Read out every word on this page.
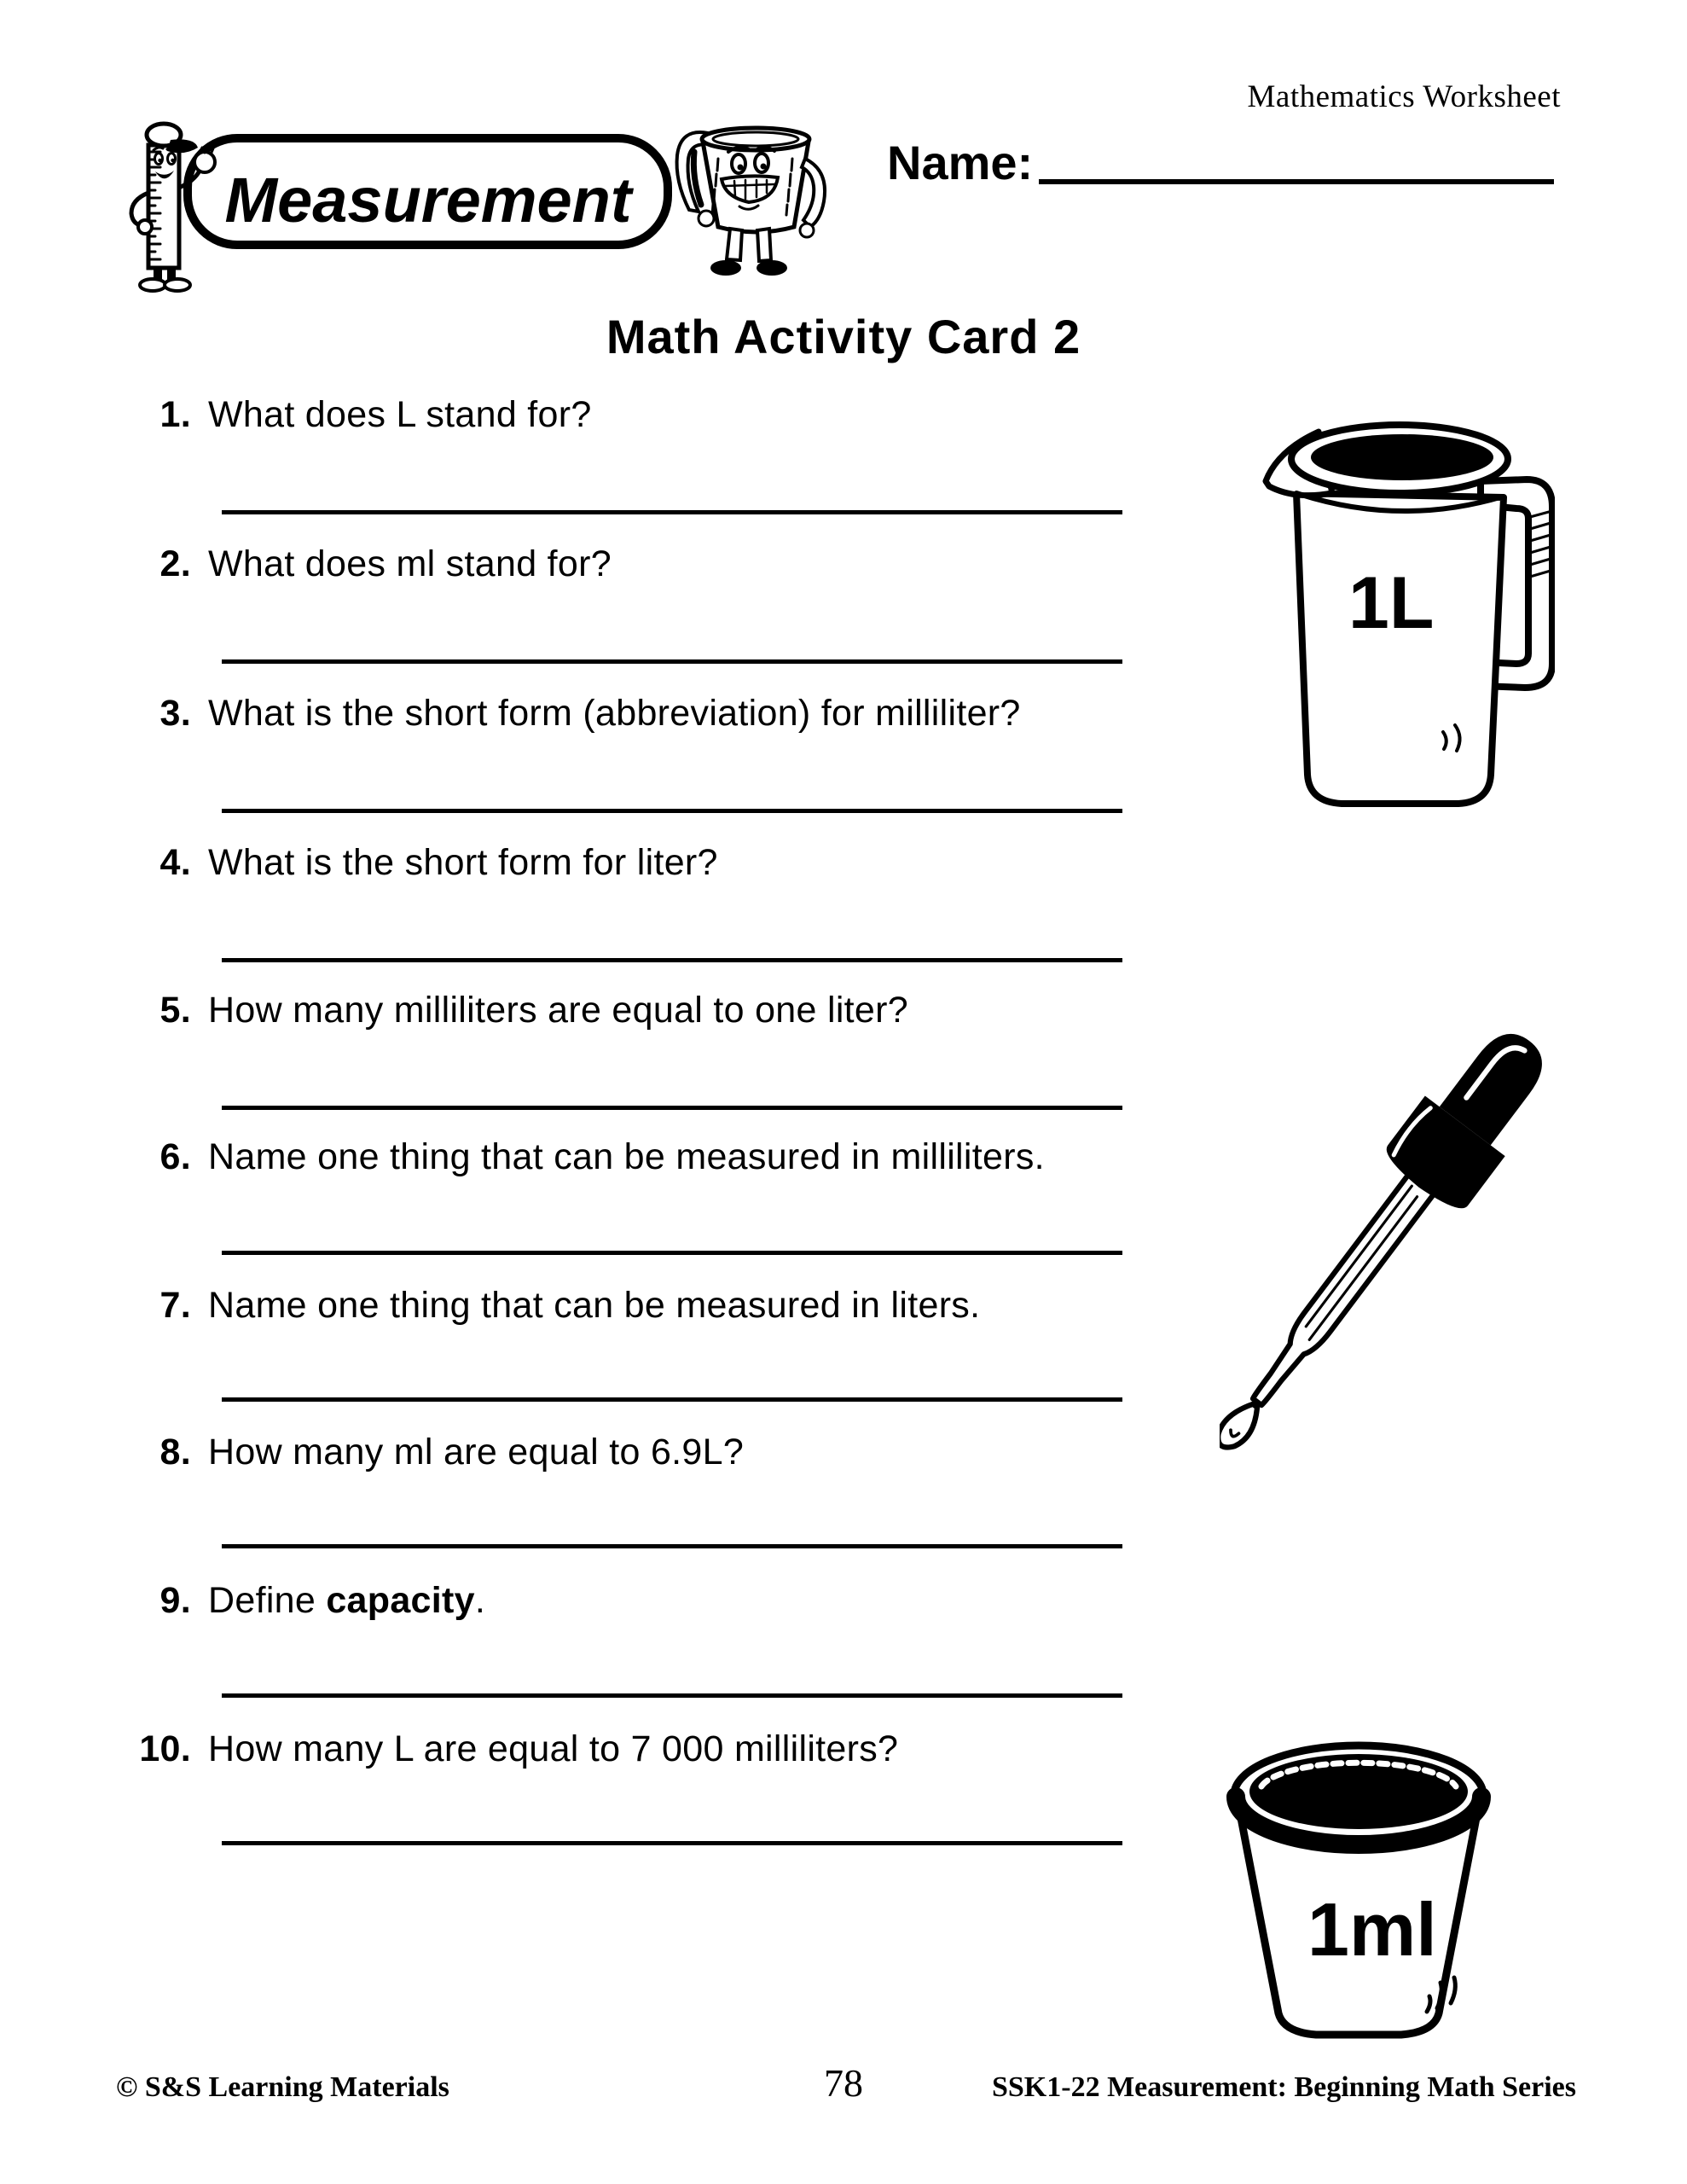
Mathematics Worksheet
Measurement
Name:
Math Activity Card 2
1. What does L stand for?
2. What does ml stand for?
3. What is the short form (abbreviation) for milliliter?
4. What is the short form for liter?
5. How many milliliters are equal to one liter?
6. Name one thing that can be measured in milliliters.
7. Name one thing that can be measured in liters.
8. How many ml are equal to 6.9L?
9. Define capacity.
10. How many L are equal to 7 000 milliliters?
1L
1ml
© S&S Learning Materials	78	SSK1-22 Measurement: Beginning Math Series
